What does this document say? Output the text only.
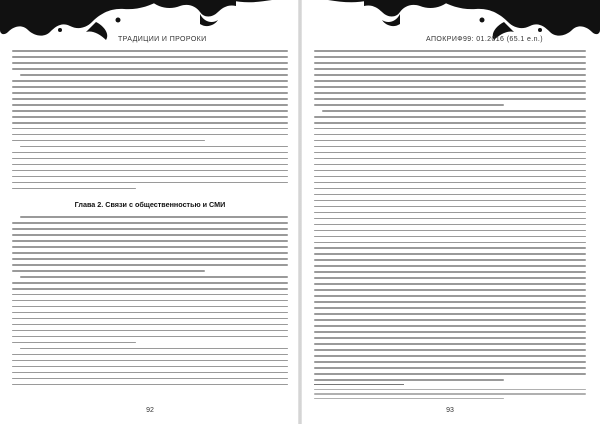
ТРАДИЦИИ И ПРОРОКИ
Глава 2. Связи с общественностью и СМИ
92
АПОКРИФ99: 01.2016 (65.1 e.n.)
93
